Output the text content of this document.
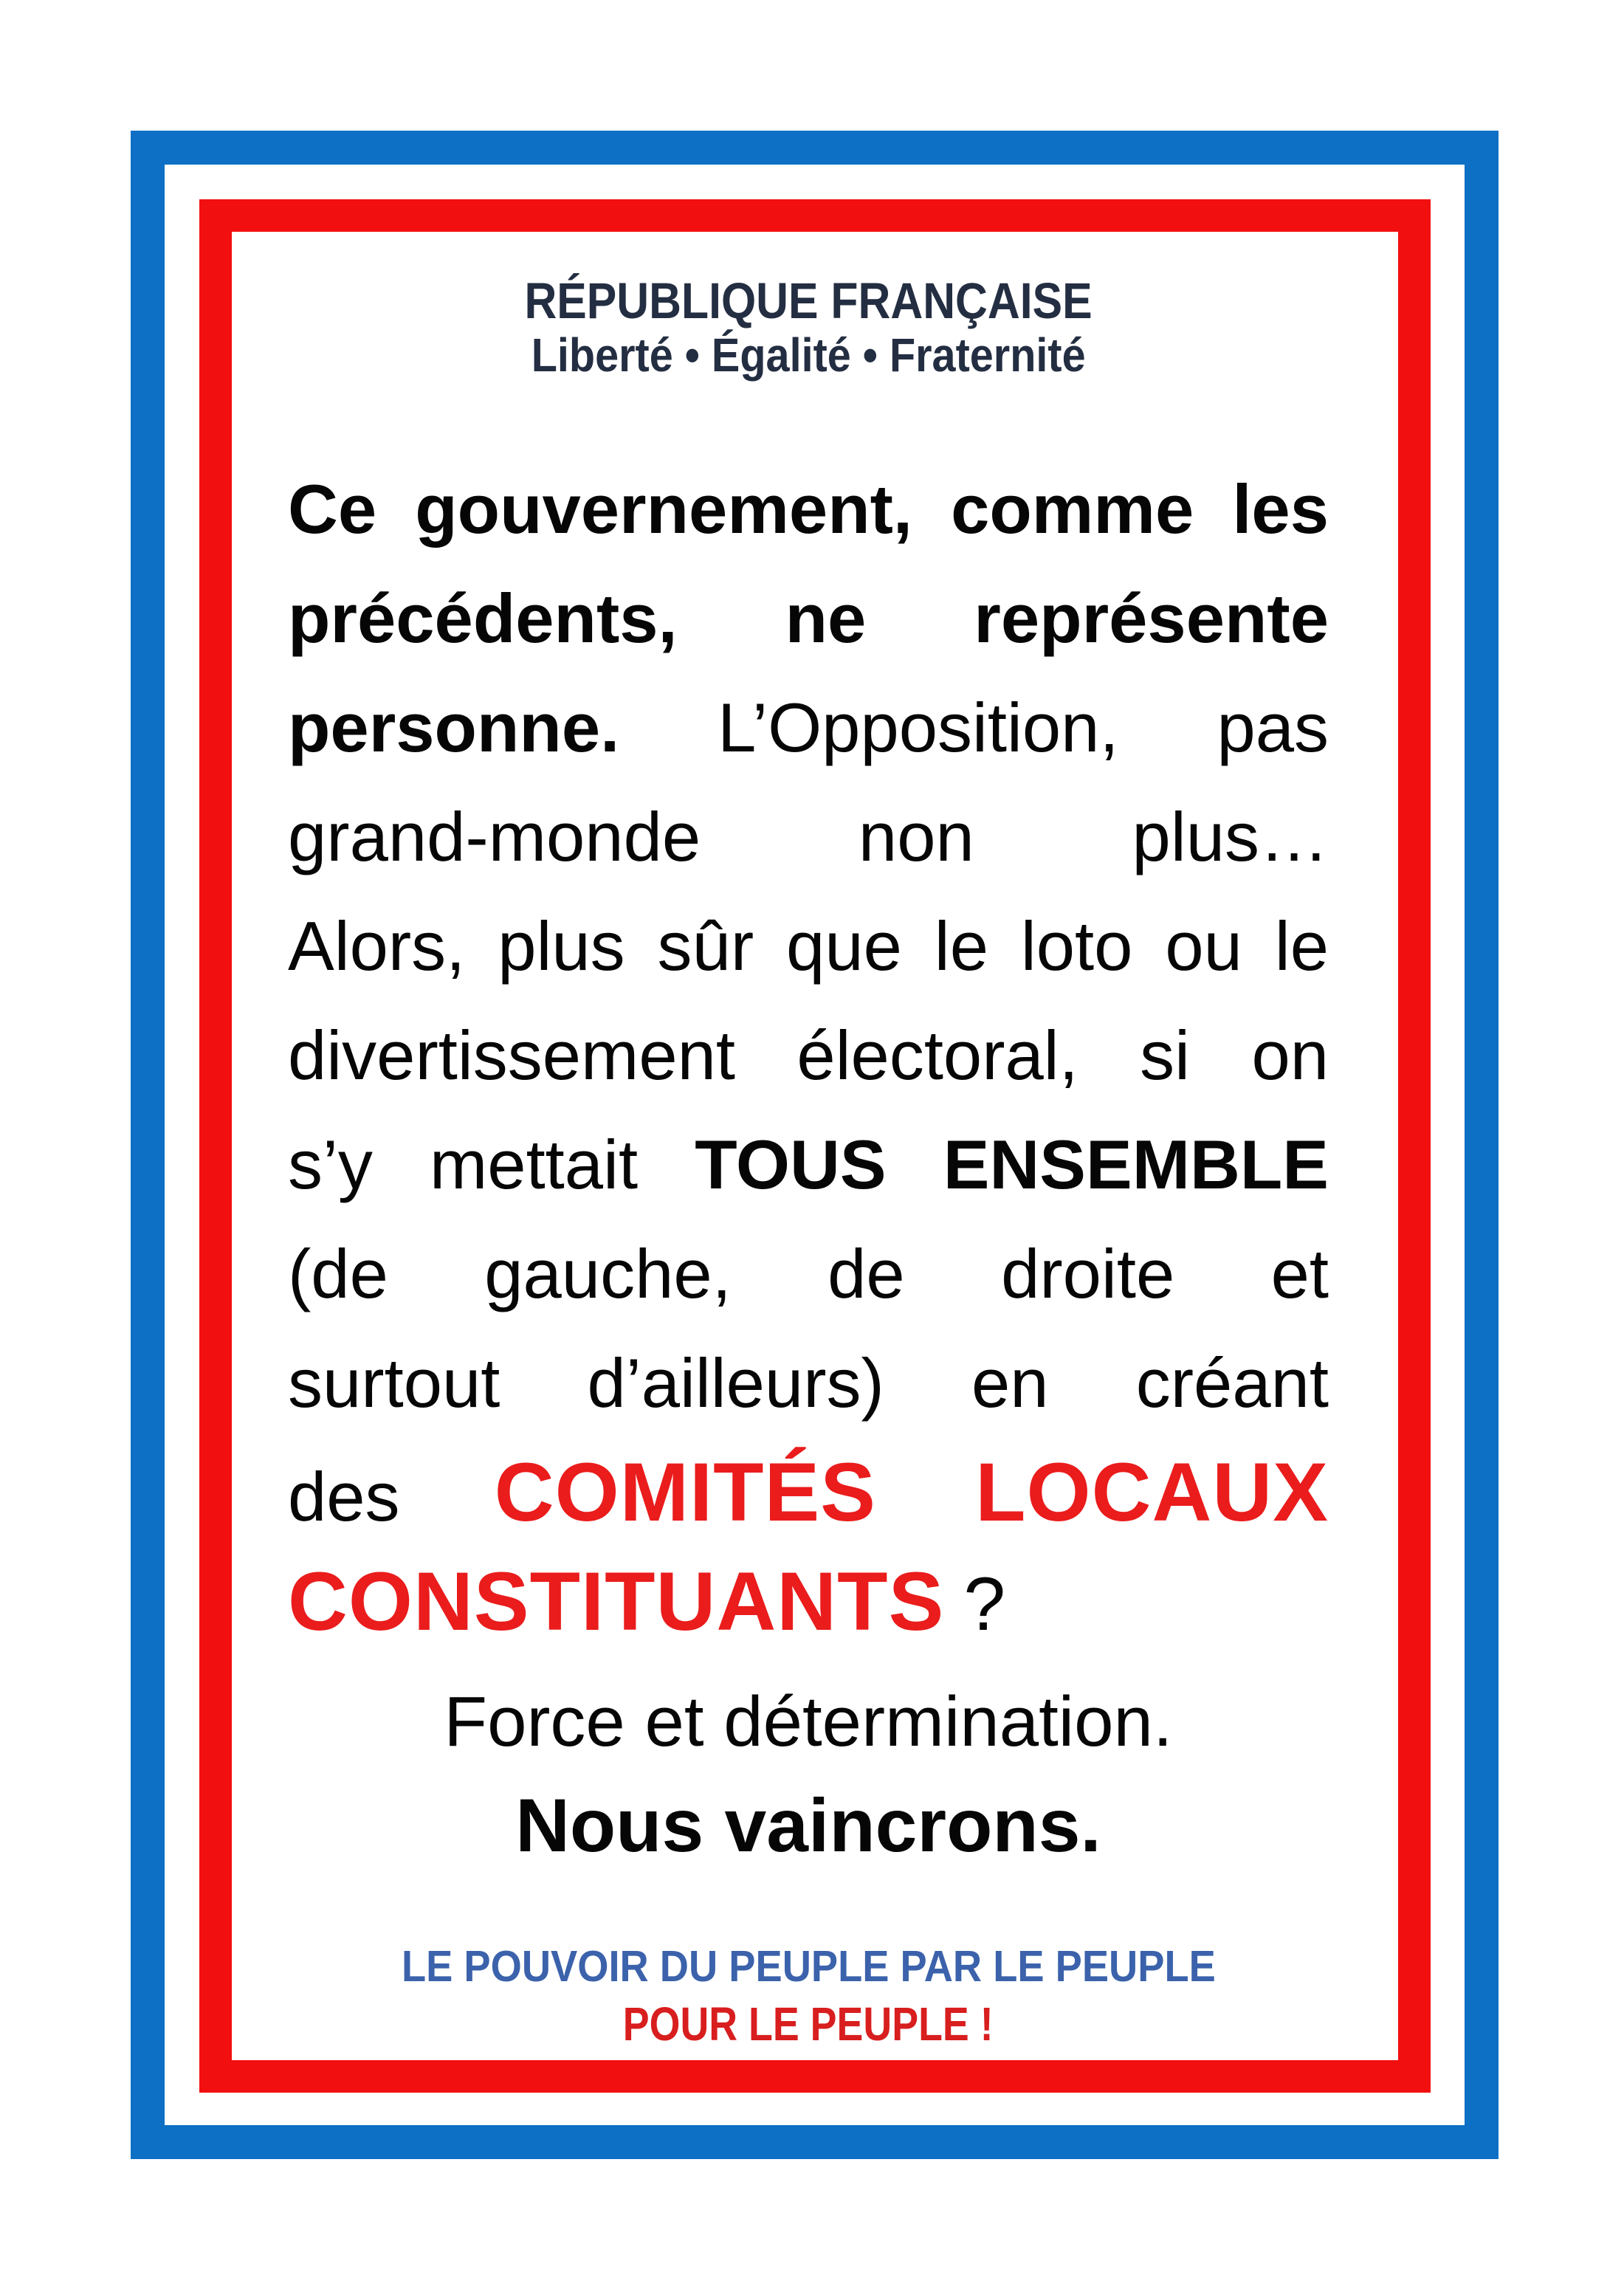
RÉPUBLIQUE FRANÇAISE
Liberté • Égalité • Fraternité
Ce gouvernement, comme les
précédents, ne représente
personne. L’Opposition, pas
grand-monde non plus…
Alors, plus sûr que le loto ou le
divertissement électoral, si on
s’y mettait TOUS ENSEMBLE
(de gauche, de droite et
surtout d’ailleurs) en créant
des COMITÉS LOCAUX
CONSTITUANTS ?
Force et détermination.
Nous vaincrons.
LE POUVOIR DU PEUPLE PAR LE PEUPLE
POUR LE PEUPLE !
